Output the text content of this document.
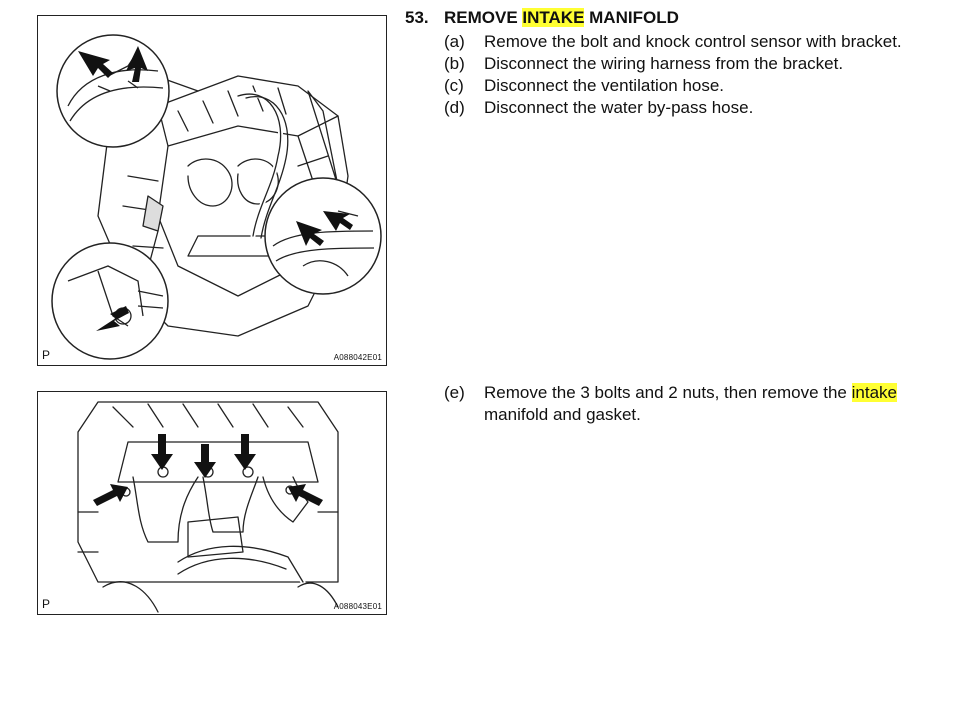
P	A088042E01
P	A088043E01
53. REMOVE INTAKE MANIFOLD
(a)	Remove the bolt and knock control sensor with bracket.
(b)	Disconnect the wiring harness from the bracket.
(c)	Disconnect the ventilation hose.
(d)	Disconnect the water by-pass hose.
(e)	Remove the 3 bolts and 2 nuts, then remove the intake manifold and gasket.
